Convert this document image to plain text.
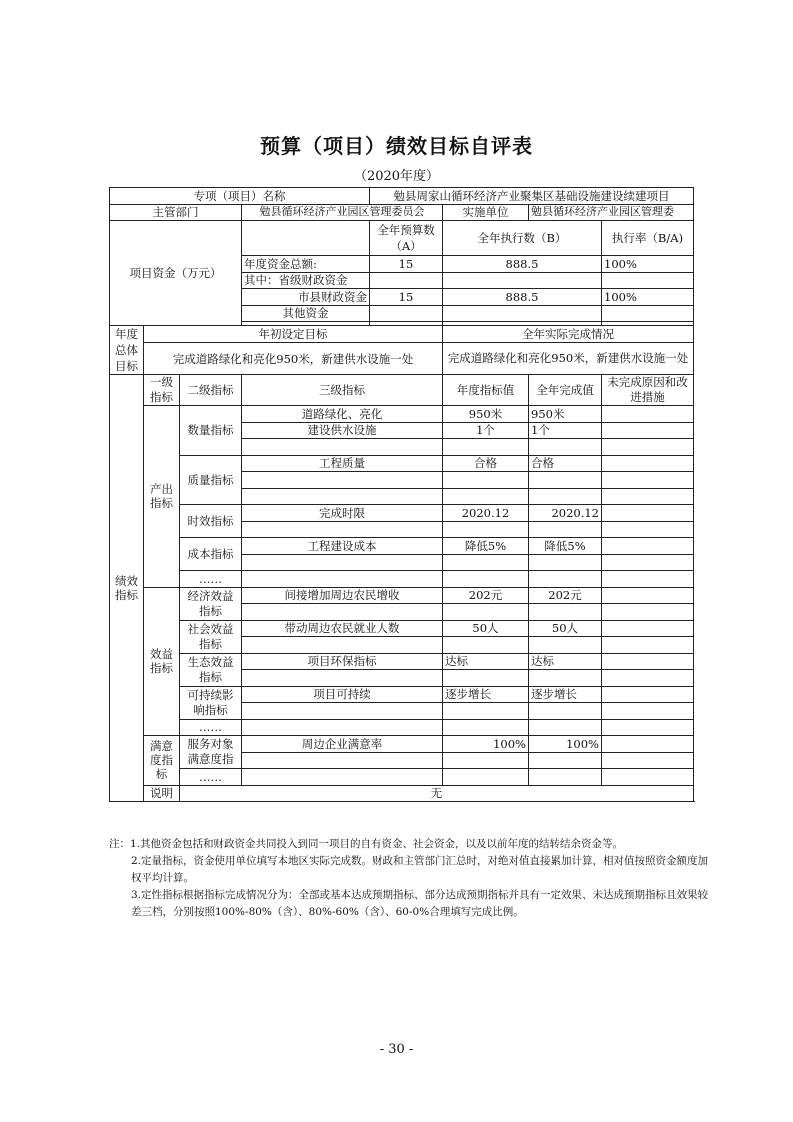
预算（项目）绩效目标自评表
（2020年度）
专项（项目）名称				勉县周家山循环经济产业聚集区基础设施建设续建项目			
主管部门			勉县循环经济产业园区管理委员会		实施单位	勉县循环经济产业园区管理委	
项目资金（万元）				全年预算数（A）	全年执行数（B）		执行率（B/A)
			年度资金总额:	15	888.5		100%
			其中：省级财政资金				
			市县财政资金	15	888.5		100%
			其他资金				

年度总体目标	年初设定目标				全年实际完成情况		
	完成道路绿化和亮化950米，新建供水设施一处				完成道路绿化和亮化950米，新建供水设施一处		
绩效指标	一级指标	二级指标	三级指标		年度指标值	全年完成值	未完成原因和改进措施
	产出指标	数量指标	道路绿化、亮化		950米	950米	
			建设供水设施		1个	1个	

		质量指标	工程质量		合格	合格	

		时效指标	完成时限		2020.12	2020.12	

		成本指标	工程建设成本		降低5%	降低5%	

		……					
	效益指标	经济效益指标	间接增加周边农民增收		202元	202元	

		社会效益指标	带动周边农民就业人数		50人	50人	

		生态效益指标	项目环保指标		达标	达标	

		可持续影响指标	项目可持续		逐步增长	逐步增长	

		……					
	满意度指标	服务对象满意度指	周边企业满意率		100%	100%	

		……					
	说明	无					

注：1.其他资金包括和财政资金共同投入到同一项目的自有资金、社会资金，以及以前年度的结转结余资金等。

2.定量指标，资金使用单位填写本地区实际完成数。财政和主管部门汇总时，对绝对值直接累加计算，相对值按照资金额度加权平均计算。

3.定性指标根据指标完成情况分为：全部或基本达成预期指标、部分达成预期指标并具有一定效果、未达成预期指标且效果较差三档，分别按照100%-80%（含）、80%-60%（含）、60-0%合理填写完成比例。

- 30 -
